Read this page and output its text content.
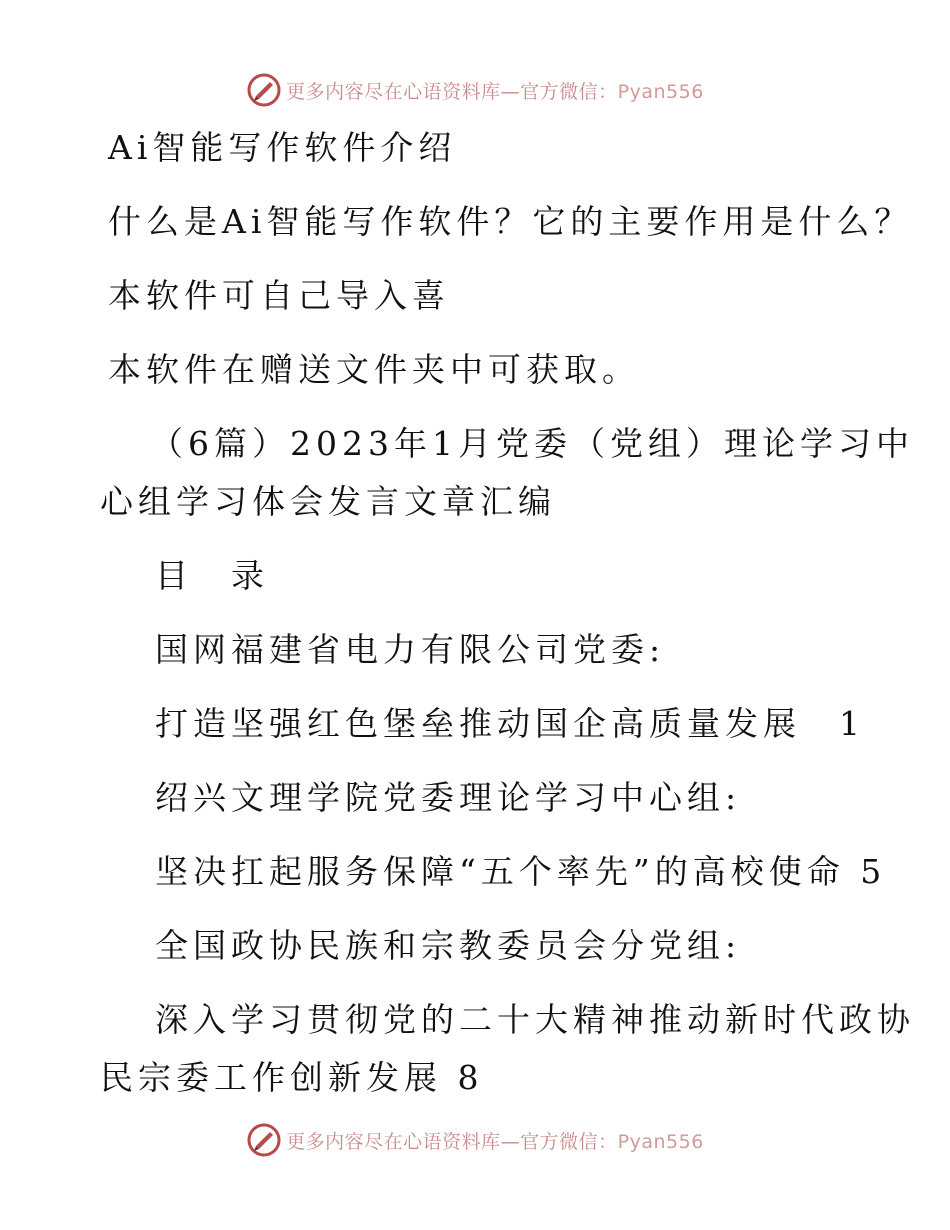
更多内容尽在心语资料库—官方微信：Pyan556
Ai智能写作软件介绍
什么是Ai智能写作软件？它的主要作用是什么？
本软件可自己导入喜
本软件在赠送文件夹中可获取。
（6篇）2023年1月党委（党组）理论学习中
心组学习体会发言文章汇编
目　录
国网福建省电力有限公司党委:
打造坚强红色堡垒推动国企高质量发展　1
绍兴文理学院党委理论学习中心组:
坚决扛起服务保障“五个率先”的高校使命 5
全国政协民族和宗教委员会分党组:
深入学习贯彻党的二十大精神推动新时代政协
民宗委工作创新发展 8
更多内容尽在心语资料库—官方微信：Pyan556
